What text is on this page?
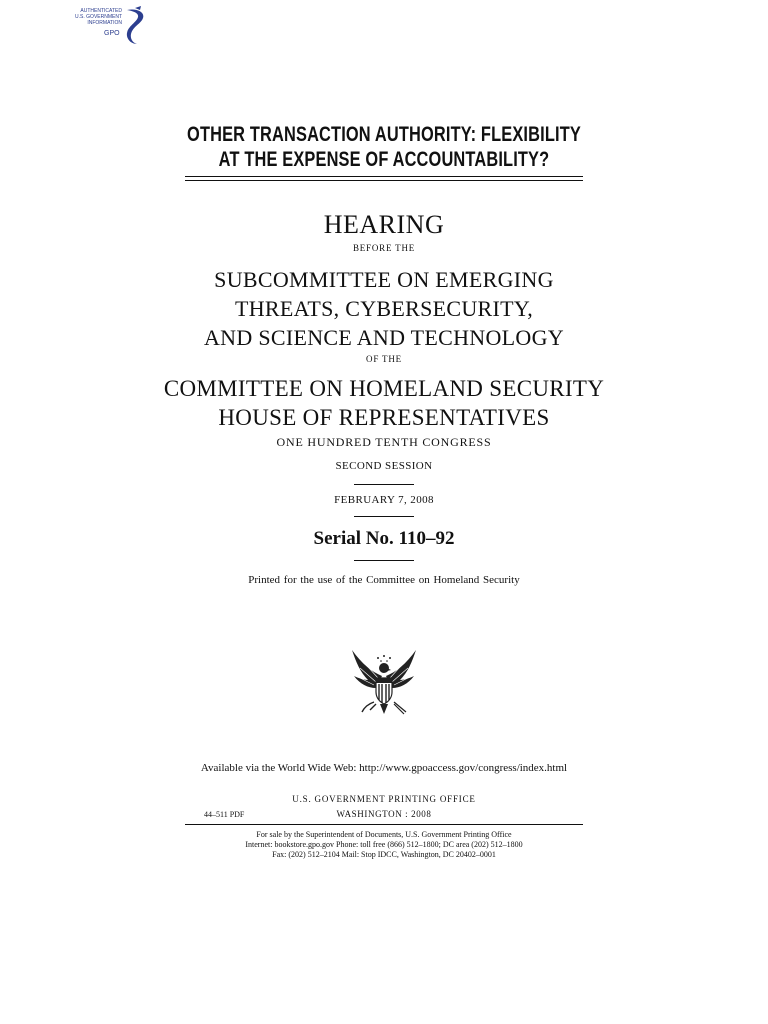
AUTHENTICATED
U.S. GOVERNMENT
INFORMATION
GPO
OTHER TRANSACTION AUTHORITY: FLEXIBILITY
AT THE EXPENSE OF ACCOUNTABILITY?
HEARING
BEFORE THE
SUBCOMMITTEE ON EMERGING
THREATS, CYBERSECURITY,
AND SCIENCE AND TECHNOLOGY
OF THE
COMMITTEE ON HOMELAND SECURITY
HOUSE OF REPRESENTATIVES
ONE HUNDRED TENTH CONGRESS
SECOND SESSION
FEBRUARY 7, 2008
Serial No. 110–92
Printed for the use of the Committee on Homeland Security
Available via the World Wide Web: http://www.gpoaccess.gov/congress/index.html
U.S. GOVERNMENT PRINTING OFFICE
44–511 PDF	WASHINGTON : 2008
For sale by the Superintendent of Documents, U.S. Government Printing Office
Internet: bookstore.gpo.gov Phone: toll free (866) 512–1800; DC area (202) 512–1800
Fax: (202) 512–2104 Mail: Stop IDCC, Washington, DC 20402–0001
